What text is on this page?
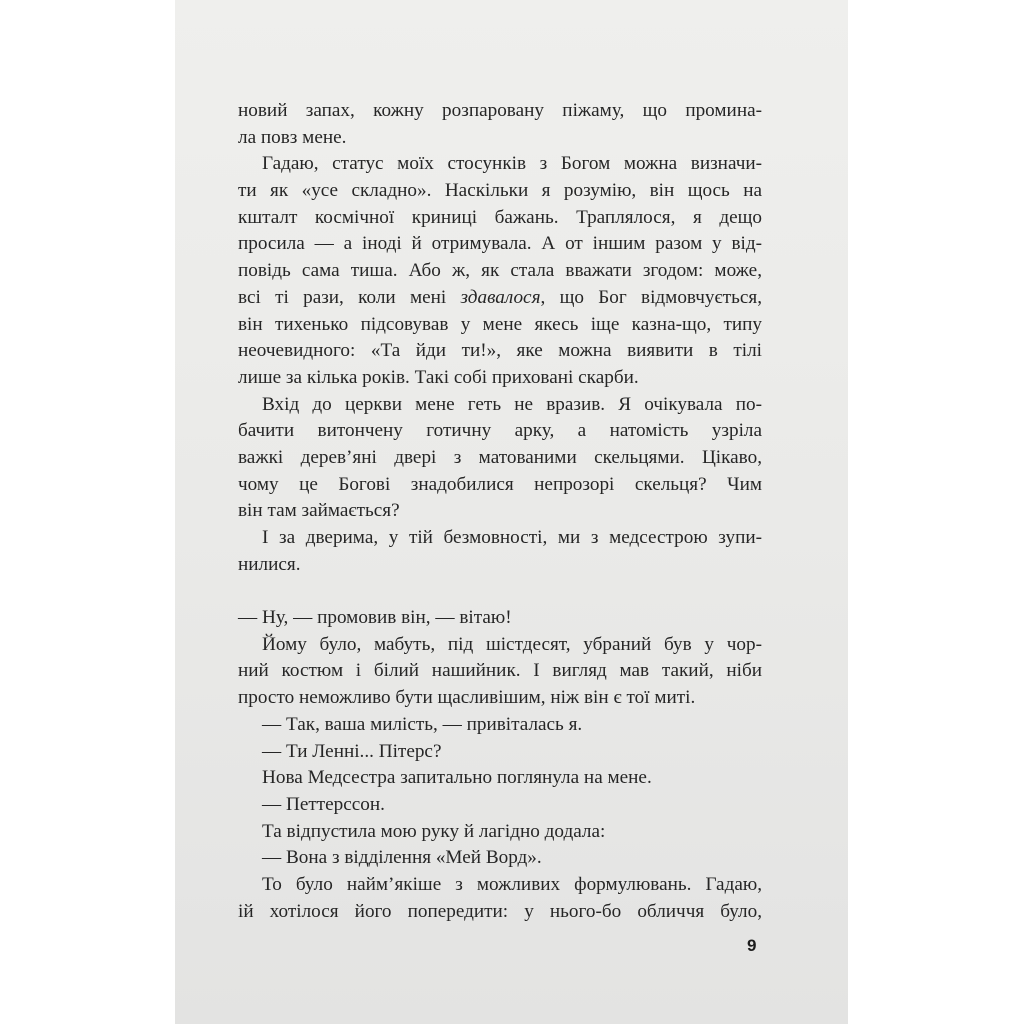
новий запах, кожну розпаровану піжаму, що промина-
ла повз мене.
Гадаю, статус моїх стосунків з Богом можна визначи-
ти як «усе складно». Наскільки я розумію, він щось на
кшталт космічної криниці бажань. Траплялося, я дещо
просила — а іноді й отримувала. А от іншим разом у від-
повідь сама тиша. Або ж, як стала вважати згодом: може,
всі ті рази, коли мені здавалося, що Бог відмовчується,
він тихенько підсовував у мене якесь іще казна-що, типу
неочевидного: «Та йди ти!», яке можна виявити в тілі
лише за кілька років. Такі собі приховані скарби.
Вхід до церкви мене геть не вразив. Я очікувала по-
бачити витончену готичну арку, а натомість узріла
важкі дерев’яні двері з матованими скельцями. Цікаво,
чому це Богові знадобилися непрозорі скельця? Чим
він там займається?
І за дверима, у тій безмовності, ми з медсестрою зупи-
нилися.
— Ну, — промовив він, — вітаю!
Йому було, мабуть, під шістдесят, убраний був у чор-
ний костюм і білий нашийник. І вигляд мав такий, ніби
просто неможливо бути щасливішим, ніж він є тої миті.
— Так, ваша милість, — привіталась я.
— Ти Ленні... Пітерс?
Нова Медсестра запитально поглянула на мене.
— Петтерссон.
Та відпустила мою руку й лагідно додала:
— Вона з відділення «Мей Ворд».
То було найм’якіше з можливих формулювань. Гадаю,
ій хотілося його попередити: у нього-бо обличчя було,
9
